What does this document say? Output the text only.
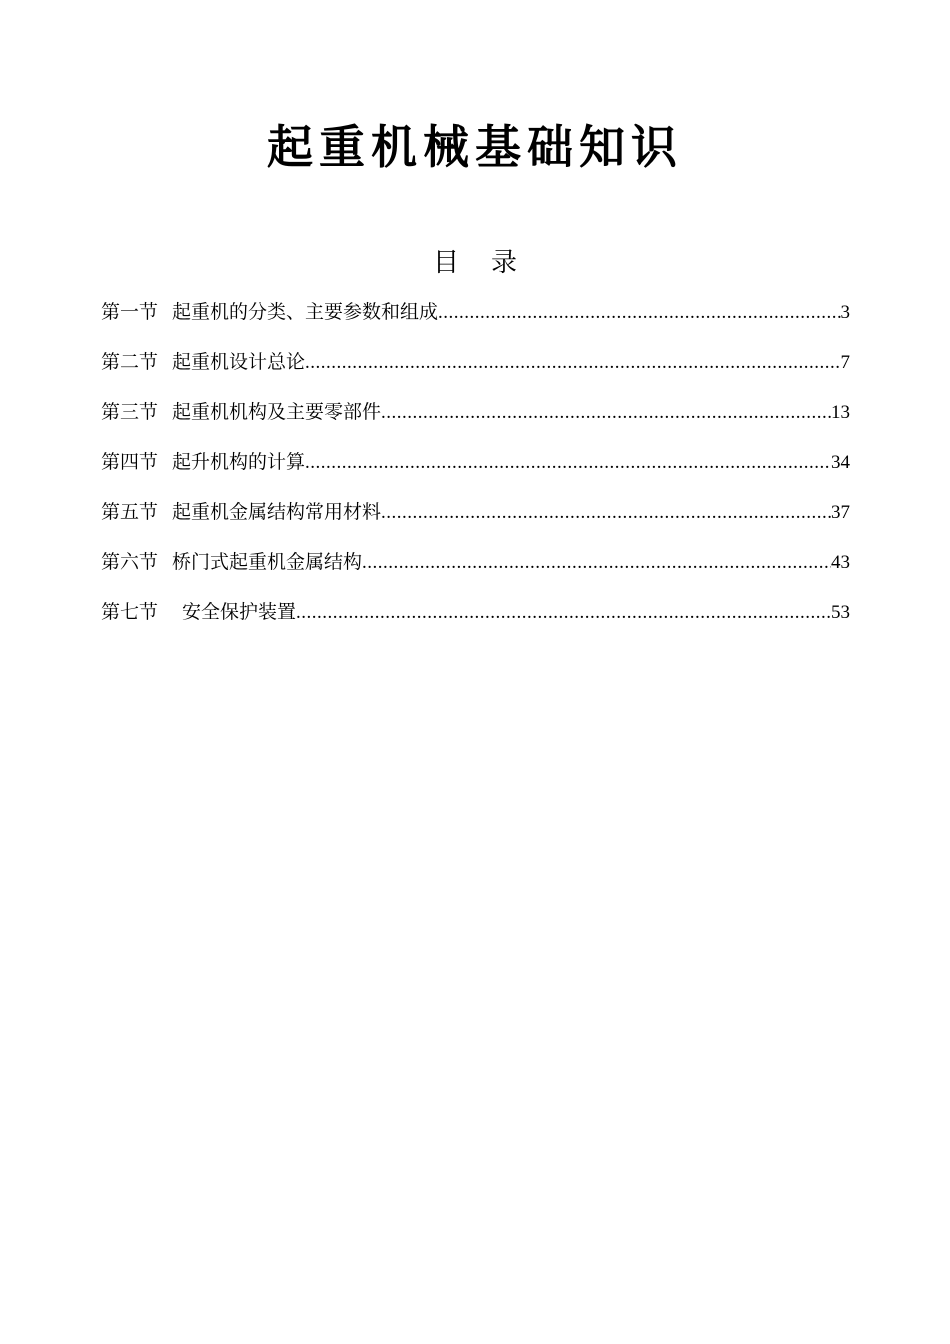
起重机械基础知识
目 录
第一节 起重机的分类、主要参数和组成 .....	3
第二节 起重机设计总论 .....	7
第三节 起重机机构及主要零部件 .....	13
第四节 起升机构的计算 .....	34
第五节 起重机金属结构常用材料 .....	37
第六节 桥门式起重机金属结构 .....	43
第七节 安全保护装置 .....	53
